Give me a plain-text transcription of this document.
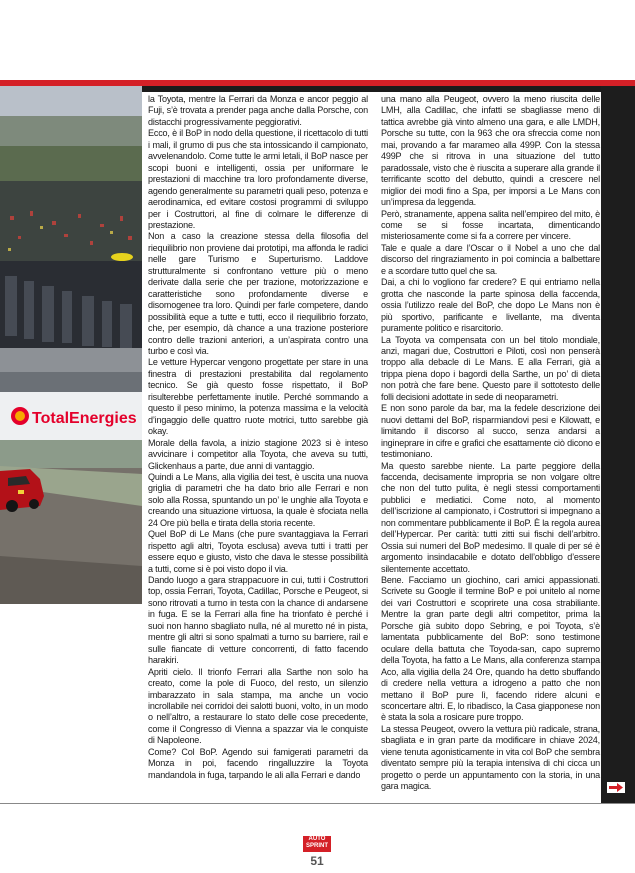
TotalEnergies

la Toyota, mentre la Ferrari da Monza e ancor peggio al Fuji, s’è trovata a prender paga anche dalla Porsche, con distacchi progressivamente peggiorativi.

Ecco, è il BoP in nodo della questione, il ricettacolo di tutti i mali, il grumo di pus che sta intossicando il campionato, avvelenandolo. Come tutte le armi letali, il BoP nasce per scopi buoni e intelligenti, ossia per uniformare le prestazioni di macchine tra loro profondamente diverse, agendo generalmente su parametri quali peso, potenza e aerodinamica, ed evitare costosi programmi di sviluppo per i Costruttori, al fine di colmare le differenze di prestazione.

Non a caso la creazione stessa della filosofia del riequilibrio non proviene dai prototipi, ma affonda le radici nelle gare Turismo e Superturismo. Laddove strutturalmente si confrontano vetture più o meno derivate dalla serie che per trazione, motorizzazione e caratteristiche sono profondamente diverse e disomogenee tra loro. Quindi per farle competere, dando possibilità eque a tutte e tutti, ecco il riequilibrio forzato, che, per esempio, dà chance a una trazione posteriore contro delle trazioni anteriori, a un’aspirata contro una turbo e così via.

Le vetture Hypercar vengono progettate per stare in una finestra di prestazioni prestabilita dal regolamento tecnico. Se già questo fosse rispettato, il BoP risulterebbe perfettamente inutile. Perché sommando a questo il peso minimo, la potenza massima e la velocità d’ingaggio delle quattro ruote motrici, tutto sarebbe già okay.

Morale della favola, a inizio stagione 2023 si è inteso avvicinare i competitor alla Toyota, che aveva su tutti, Glickenhaus a parte, due anni di vantaggio.

Quindi a Le Mans, alla vigilia dei test, è uscita una nuova griglia di parametri che ha dato brio alle Ferrari e non solo alla Rossa, spuntando un po’ le unghie alla Toyota e creando una situazione virtuosa, la quale è sfociata nella 24 Ore più bella e tirata della storia recente.

Quel BoP di Le Mans (che pure svantaggiava la Ferrari rispetto agli altri, Toyota esclusa) aveva tutti i tratti per essere equo e giusto, visto che dava le stesse possibilità a tutti, come si è poi visto dopo il via.

Dando luogo a gara strappacuore in cui, tutti i Costruttori top, ossia Ferrari, Toyota, Cadillac, Porsche e Peugeot, si sono ritrovati a turno in testa con la chance di andarsene in fuga. E se la Ferrari alla fine ha trionfato è perché i suoi non hanno sbagliato nulla, né al muretto né in pista, mentre gli altri si sono spalmati a turno su barriere, rail e sulle fiancate di vetture concorrenti, di fatto facendo harakiri.

Apriti cielo. Il trionfo Ferrari alla Sarthe non solo ha creato, come la pole di Fuoco, del resto, un silenzio imbarazzato in sala stampa, ma anche un vocio incrollabile nei corridoi dei salotti buoni, volto, in un modo o nell’altro, a restaurare lo stato delle cose precedente, come il Congresso di Vienna a spazzar via le conquiste di Napoleone.

Come? Col BoP. Agendo sui famigerati parametri da Monza in poi, facendo ringalluzzire la Toyota mandandola in fuga, tarpando le ali alla Ferrari e dando

una mano alla Peugeot, ovvero la meno riuscita delle LMH, alla Cadillac, che infatti se sbagliasse meno di tattica avrebbe già vinto almeno una gara, e alle LMDH, Porsche su tutte, con la 963 che ora sfreccia come non mai, provando a far marameo alla 499P. Con la stessa 499P che si ritrova in una situazione del tutto paradossale, visto che è riuscita a superare alla grande il terrificante scotto del debutto, quindi a crescere nel miglior dei modi fino a Spa, per imporsi a Le Mans con un’impresa da leggenda.

Però, stranamente, appena salita nell’empireo del mito, è come se si fosse incartata, dimenticando misteriosamente come si fa a correre per vincere.

Tale e quale a dare l’Oscar o il Nobel a uno che dal discorso del ringraziamento in poi comincia a balbettare e a scordare tutto quel che sa.

Dai, a chi lo vogliono far credere? E qui entriamo nella grotta che nasconde la parte spinosa della faccenda, ossia l’utilizzo reale del BoP, che dopo Le Mans non è più sportivo, parificante e livellante, ma diventa puramente politico e risarcitorio.

La Toyota va compensata con un bel titolo mondiale, anzi, magari due, Costruttori e Piloti, così non penserà troppo alla debacle di Le Mans. E alla Ferrari, già a trippa piena dopo i bagordi della Sarthe, un po’ di dieta non potrà che fare bene. Questo pare il sottotesto delle folli decisioni adottate in sede di neoparametri.

E non sono parole da bar, ma la fedele descrizione dei nuovi dettami del BoP, risparmiandovi pesi e Kilowatt, e limitando il discorso al succo, senza andarsi a ingineprare in cifre e grafici che esattamente ciò dicono e testimoniano.

Ma questo sarebbe niente. La parte peggiore della faccenda, decisamente impropria se non volgare oltre che non del tutto pulita, è negli stessi comportamenti pubblici e mediatici. Come noto, al momento dell’iscrizione al campionato, i Costruttori si impegnano a non commentare pubblicamente il BoP. È la regola aurea dell’Hypercar. Per carità: tutti zitti sui fischi dell’arbitro. Ossia sui numeri del BoP medesimo. Il quale di per sé è argomento insindacabile e dotato dell’obbligo d’essere silentemente accettato.

Bene. Facciamo un giochino, cari amici appassionati. Scrivete su Google il termine BoP e poi unitelo al nome dei vari Costruttori e scoprirete una cosa strabiliante. Mentre la gran parte degli altri competitor, prima la Porsche già subito dopo Sebring, e poi Toyota, s’è lamentata pubblicamente del BoP: sono testimone oculare della battuta che Toyoda-san, capo supremo della Toyota, ha fatto a Le Mans, alla conferenza stampa Aco, alla vigilia della 24 Ore, quando ha detto sbuffando di credere nella vettura a idrogeno a patto che non mettano il BoP pure lì, facendo ridere alcuni e sconcertare altri. E, lo ribadisco, la Casa giapponese non è stata la sola a rosicare pure troppo.

La stessa Peugeot, ovvero la vettura più radicale, strana, sbagliata e in gran parte da modificare in chiave 2024, viene tenuta agonisticamente in vita col BoP che sembra diventato sempre più la terapia intensiva di chi cicca un progetto o perde un appuntamento con la storia, in una gara magica.

AUTO
SPRINT
51
